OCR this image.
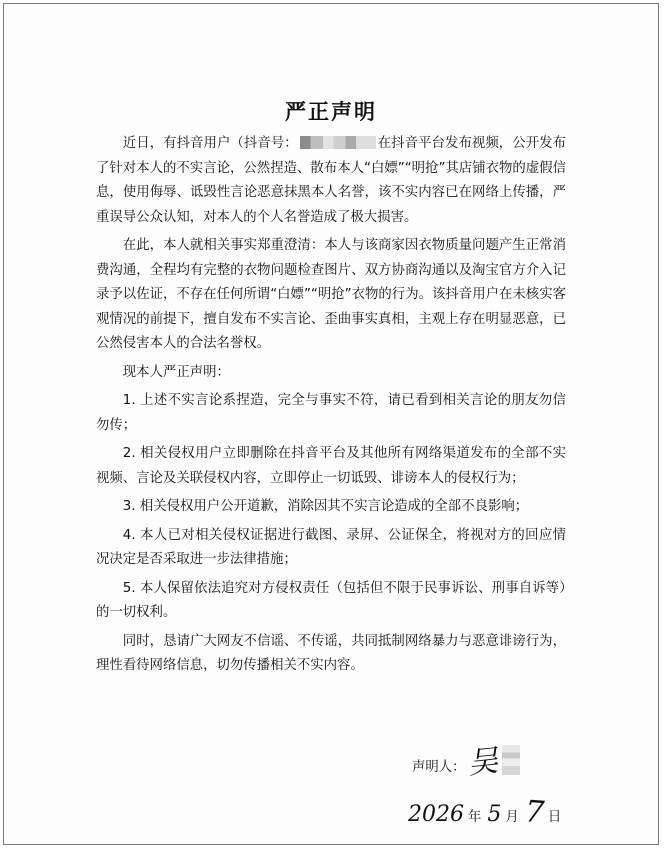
严正声明

近日，有抖音用户（抖音号：	在抖音平台发布视频，公开发布了针对本人的不实言论，公然捏造、散布本人“白嫖”“明抢”其店铺衣物的虚假信息，使用侮辱、诋毁性言论恶意抹黑本人名誉，该不实内容已在网络上传播，严重误导公众认知，对本人的个人名誉造成了极大损害。

在此，本人就相关事实郑重澄清：本人与该商家因衣物质量问题产生正常消费沟通，全程均有完整的衣物问题检查图片、双方协商沟通以及淘宝官方介入记录予以佐证，不存在任何所谓“白嫖”“明抢”衣物的行为。该抖音用户在未核实客观情况的前提下，擅自发布不实言论、歪曲事实真相，主观上存在明显恶意，已公然侵害本人的合法名誉权。

现本人严正声明：

1. 上述不实言论系捏造，完全与事实不符，请已看到相关言论的朋友勿信勿传；

2. 相关侵权用户立即删除在抖音平台及其他所有网络渠道发布的全部不实视频、言论及关联侵权内容，立即停止一切诋毁、诽谤本人的侵权行为；

3. 相关侵权用户公开道歉，消除因其不实言论造成的全部不良影响；

4. 本人已对相关侵权证据进行截图、录屏、公证保全，将视对方的回应情况决定是否采取进一步法律措施；

5. 本人保留依法追究对方侵权责任（包括但不限于民事诉讼、刑事自诉等）的一切权利。

同时，恳请广大网友不信谣、不传谣，共同抵制网络暴力与恶意诽谤行为，理性看待网络信息，切勿传播相关不实内容。

声明人： 吴
2026 年 5 月 7 日
